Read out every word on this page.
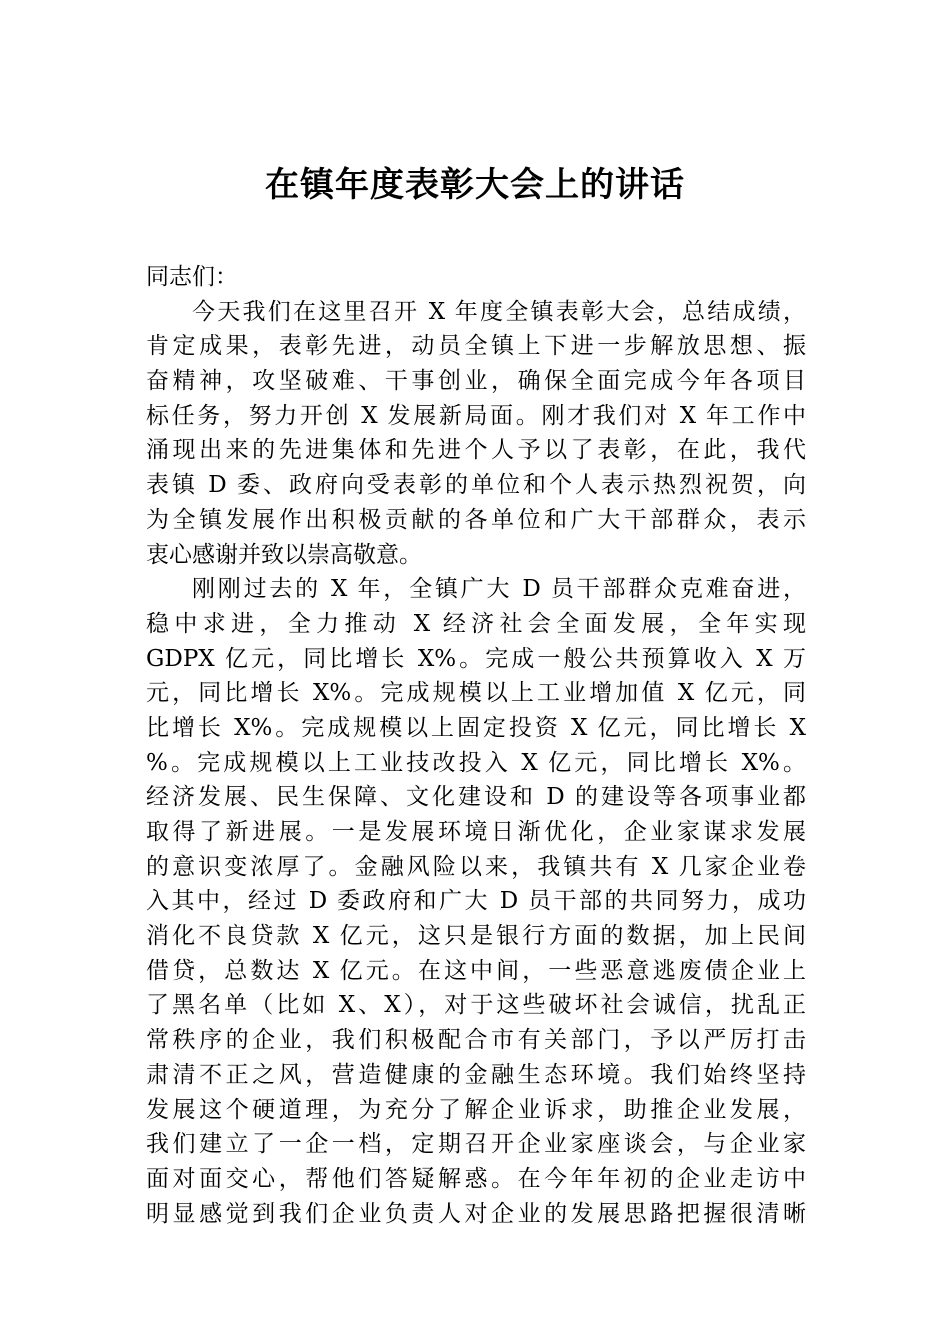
在镇年度表彰大会上的讲话
同志们：
今天我们在这里召开 X 年度全镇表彰大会，总结成绩，
肯定成果，表彰先进，动员全镇上下进一步解放思想、振
奋精神，攻坚破难、干事创业，确保全面完成今年各项目
标任务，努力开创 X 发展新局面。刚才我们对 X 年工作中
涌现出来的先进集体和先进个人予以了表彰，在此，我代
表镇 D 委、政府向受表彰的单位和个人表示热烈祝贺，向
为全镇发展作出积极贡献的各单位和广大干部群众，表示
衷心感谢并致以崇高敬意。
刚刚过去的 X 年，全镇广大 D 员干部群众克难奋进，
稳中求进，全力推动 X 经济社会全面发展，全年实现
GDPX 亿元，同比增长 X%。完成一般公共预算收入 X 万
元，同比增长 X%。完成规模以上工业增加值 X 亿元，同
比增长 X%。完成规模以上固定投资 X 亿元，同比增长 X
%。完成规模以上工业技改投入 X 亿元，同比增长 X%。
经济发展、民生保障、文化建设和 D 的建设等各项事业都
取得了新进展。一是发展环境日渐优化，企业家谋求发展
的意识变浓厚了。金融风险以来，我镇共有 X 几家企业卷
入其中，经过 D 委政府和广大 D 员干部的共同努力，成功
消化不良贷款 X 亿元，这只是银行方面的数据，加上民间
借贷，总数达 X 亿元。在这中间，一些恶意逃废债企业上
了黑名单（比如 X、X），对于这些破坏社会诚信，扰乱正
常秩序的企业，我们积极配合市有关部门，予以严厉打击
肃清不正之风，营造健康的金融生态环境。我们始终坚持
发展这个硬道理，为充分了解企业诉求，助推企业发展，
我们建立了一企一档，定期召开企业家座谈会，与企业家
面对面交心，帮他们答疑解惑。在今年年初的企业走访中
明显感觉到我们企业负责人对企业的发展思路把握很清晰
